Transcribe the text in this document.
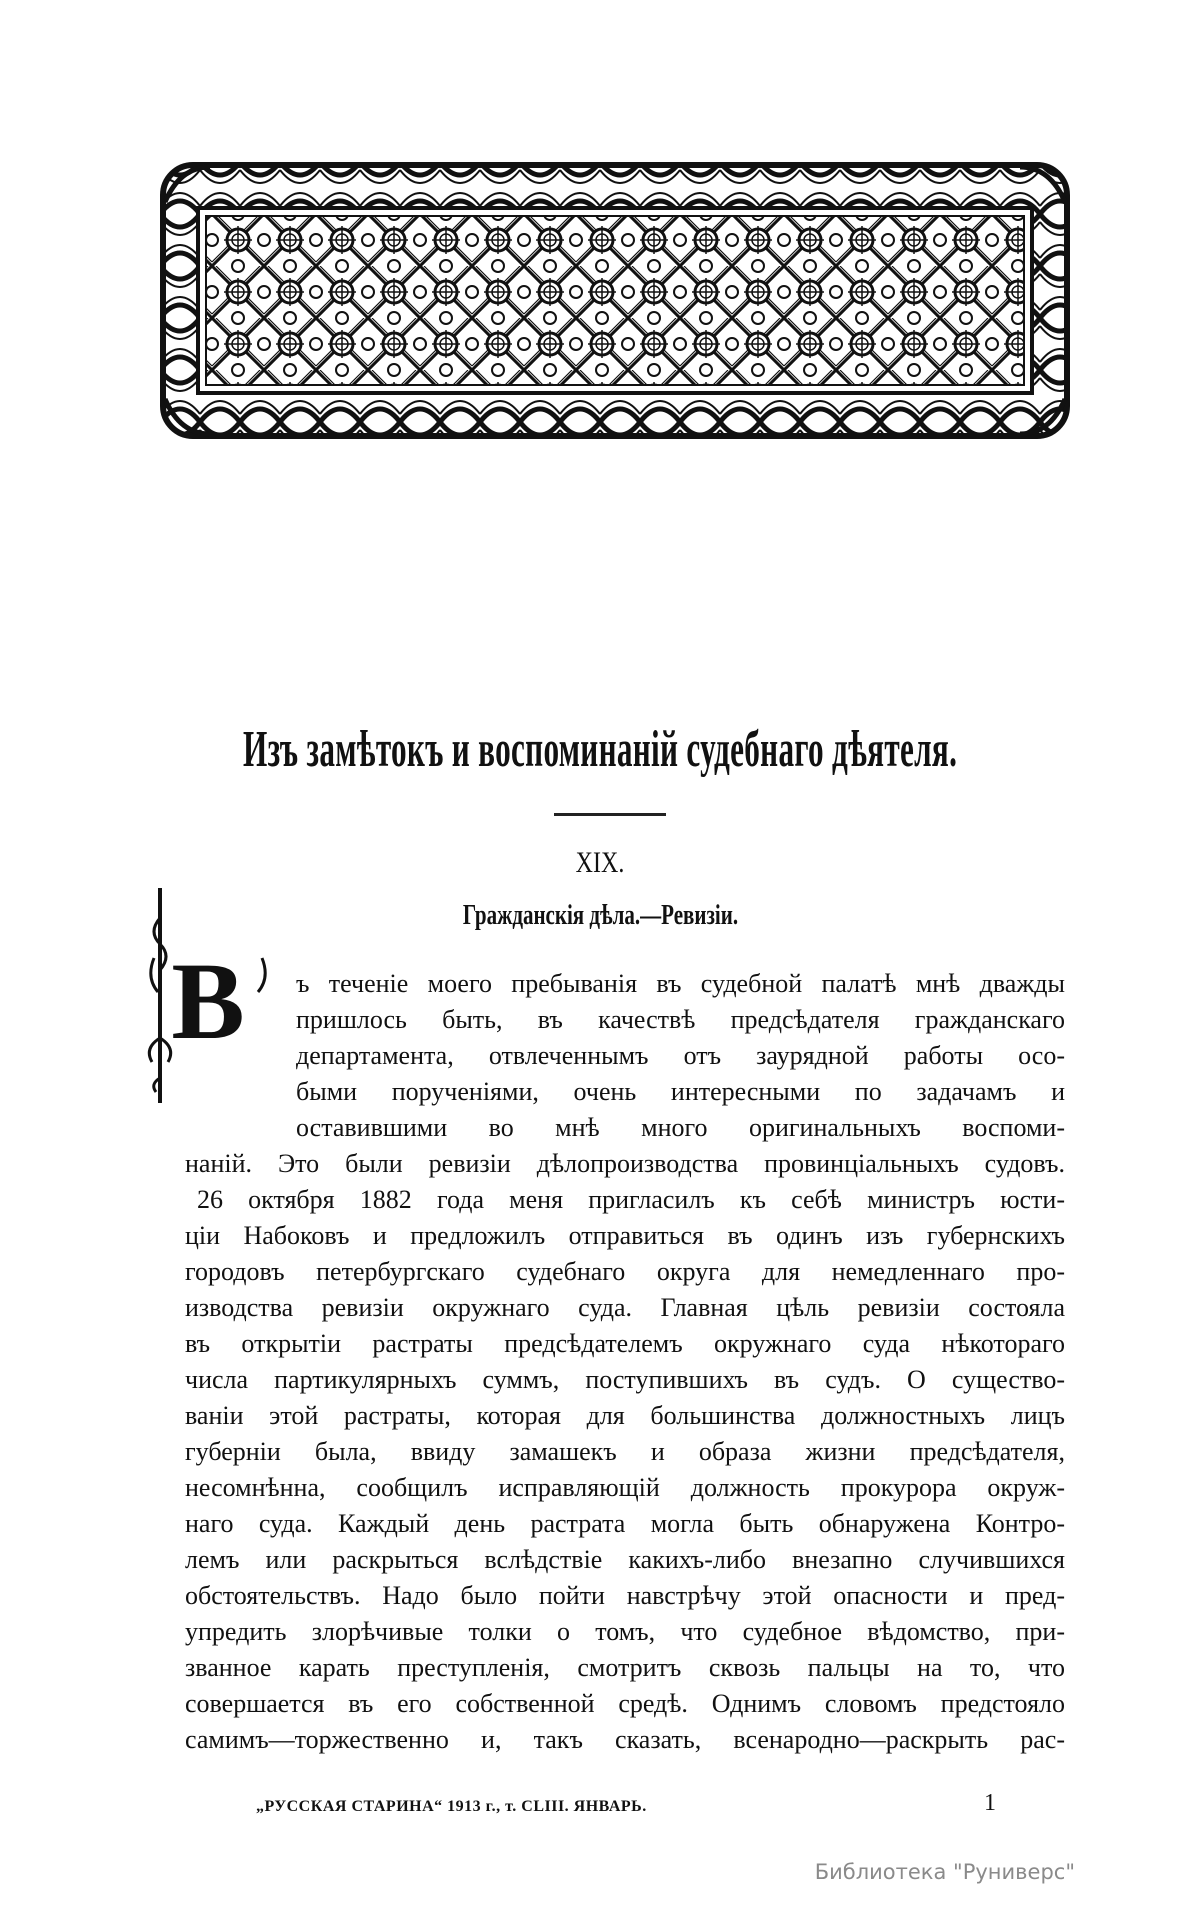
Изъ замѣтокъ и воспоминаній судебнаго дѣятеля.
XIX.
Гражданскія дѣла.—Ревизіи.
В ъ теченіе моего пребыванія въ судебной палатѣ мнѣ дважды
пришлось быть, въ качествѣ предсѣдателя гражданскаго
департамента, отвлеченнымъ отъ заурядной работы осо-
быми порученіями, очень интересными по задачамъ и
оставившими во мнѣ много оригинальныхъ воспоми-
наній. Это были ревизіи дѣлопроизводства провинціальныхъ судовъ.
26 октября 1882 года меня пригласилъ къ себѣ министръ юсти-
ціи Набоковъ и предложилъ отправиться въ одинъ изъ губернскихъ
городовъ петербургскаго судебнаго округа для немедленнаго про-
изводства ревизіи окружнаго суда. Главная цѣль ревизіи состояла
въ открытіи растраты предсѣдателемъ окружнаго суда нѣкотораго
числа партикулярныхъ суммъ, поступившихъ въ судъ. О существо-
ваніи этой растраты, которая для большинства должностныхъ лицъ
губерніи была, ввиду замашекъ и образа жизни предсѣдателя,
несомнѣнна, сообщилъ исправляющій должность прокурора окруж-
наго суда. Каждый день растрата могла быть обнаружена Контро-
лемъ или раскрыться вслѣдствіе какихъ-либо внезапно случившихся
обстоятельствъ. Надо было пойти навстрѣчу этой опасности и пред-
упредить злорѣчивые толки о томъ, что судебное вѣдомство, при-
званное карать преступленія, смотритъ сквозь пальцы на то, что
совершается въ его собственной средѣ. Однимъ словомъ предстояло
самимъ—торжественно и, такъ сказать, всенародно—раскрыть рас-
„РУССКАЯ СТАРИНА“ 1913 г., т. CLIII. ЯНВАРЬ.	1
Библиотека "Руниверс"
